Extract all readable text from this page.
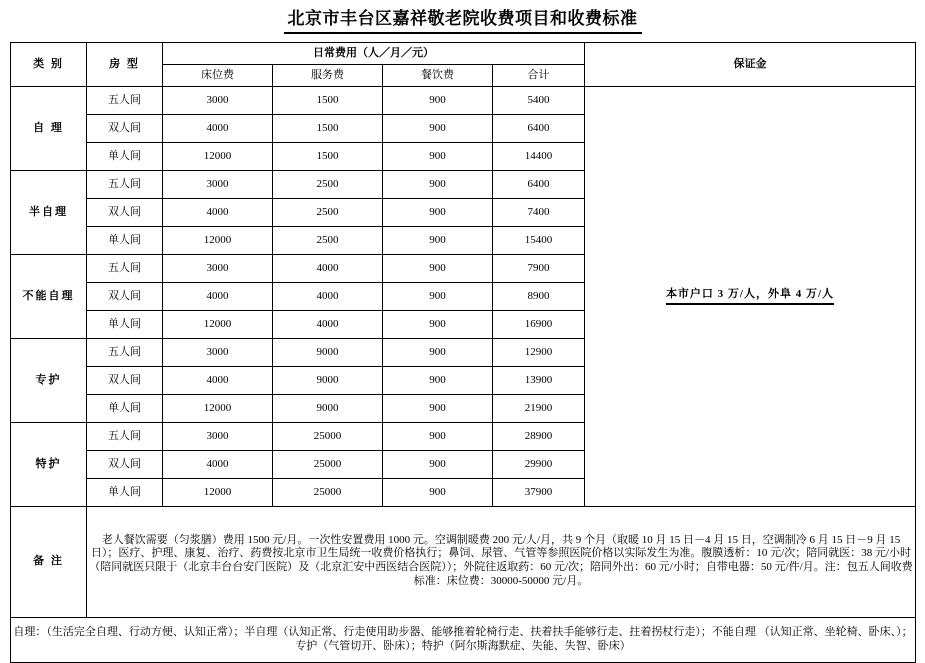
北京市丰台区嘉祥敬老院收费项目和收费标准
类 别	房 型	日常费用（人／月／元）				保证金
		床位费	服务费	餐饮费	合计	
自 理	五人间	3000	1500	900	5400	本市户口 3 万/人，外阜 4 万/人
	双人间	4000	1500	900	6400	
	单人间	12000	1500	900	14400	
半自理	五人间	3000	2500	900	6400	
	双人间	4000	2500	900	7400	
	单人间	12000	2500	900	15400	
不能自理	五人间	3000	4000	900	7900	
	双人间	4000	4000	900	8900	
	单人间	12000	4000	900	16900	
专护	五人间	3000	9000	900	12900	
	双人间	4000	9000	900	13900	
	单人间	12000	9000	900	21900	
特护	五人间	3000	25000	900	28900	
	双人间	4000	25000	900	29900	
	单人间	12000	25000	900	37900	
备 注	老人餐饮需要（匀浆膳）费用 1500 元/月。一次性安置费用 1000 元。空调制暖费 200 元/人/月，共 9 个月（取暖 10 月 15 日－4 月 15 日，空调制冷 6 月 15 日－9 月 15 日）；医疗、护理、康复、治疗、药费按北京市卫生局统一收费价格执行；鼻饲、尿管、气管等参照医院价格以实际发生为准。腹膜透析：10 元/次；陪同就医：38 元/小时（陪同就医只限于（北京丰台台安门医院）及（北京汇安中西医结合医院））；外院往返取药：60 元/次；陪同外出：60 元/小时；自带电器：50 元/件/月。注：包五人间收费标准：床位费：30000-50000 元/月。					

自理：（生活完全自理、行动方便、认知正常）；半自理（认知正常、行走使用助步器、能够推着轮椅行走、扶着扶手能够行走、拄着拐杖行走）；不能自理 （认知正常、坐轮椅、卧床、）；专护（气管切开、卧床）；特护（阿尔斯海默症、失能、失智、卧床）						
